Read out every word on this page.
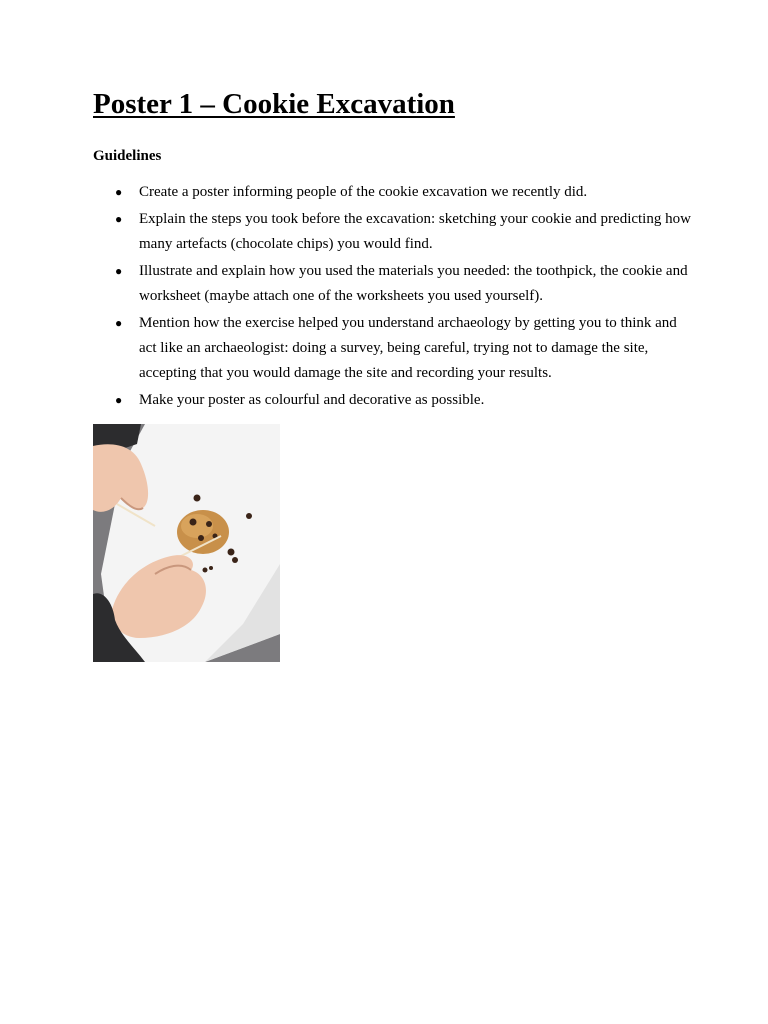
Poster 1 – Cookie Excavation
Guidelines
● Create a poster informing people of the cookie excavation we recently did.
● Explain the steps you took before the excavation: sketching your cookie and predicting how many artefacts (chocolate chips) you would find.
● Illustrate and explain how you used the materials you needed: the toothpick, the cookie and worksheet (maybe attach one of the worksheets you used yourself).
● Mention how the exercise helped you understand archaeology by getting you to think and act like an archaeologist: doing a survey, being careful, trying not to damage the site, accepting that you would damage the site and recording your results.
● Make your poster as colourful and decorative as possible.
